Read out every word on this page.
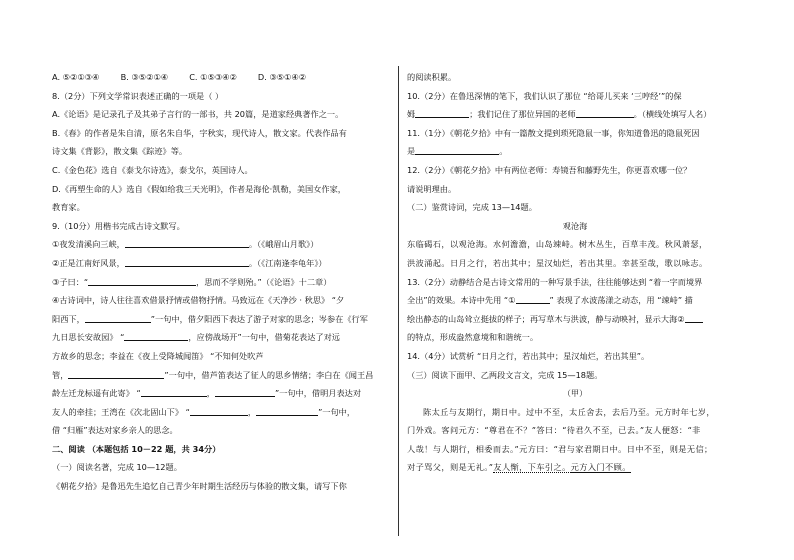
A. ⑤②①③④	B. ③⑤②①④	C. ①⑤③④②	D. ③⑤①④②
8.（2分）下列文学常识表述正确的一项是（ ）
A.《论语》是记录孔子及其弟子言行的一部书，共 20篇，是道家经典著作之一。
B.《春》的作者是朱自清，原名朱自华，字秋实，现代诗人，散文家。代表作品有
诗文集《背影》，散文集《踪迹》等。
C.《金色花》选自《泰戈尔诗选》，泰戈尔，英国诗人。
D.《再塑生命的人》选自《假如给我三天光明》，作者是海伦·凯勒，美国女作家，
教育家。
9.（10分）用楷书完成古诗文默写。
①夜发清溪向三峡，	。（《峨眉山月歌》）
②正是江南好风景，	。（《江南逢李龟年》）
③子曰：“	，思而不学则殆。”（《论语》十二章）
④古诗词中，诗人往往喜欢借景抒情或借物抒情。马致远在《天净沙 · 秋思》 “夕
阳西下，	”一句中，借夕阳西下表达了游子对家的思念；岑参在《行军
九日思长安故园》 “	，应傍战场开”一句中，借菊花表达了对远
方故乡的思念；李益在《夜上受降城闻笛》 “不知何处吹芦
管，	”一句中，借芦笛表达了征人的思乡情绪；李白在《闻王昌
龄左迁龙标遥有此寄》 “	，	”一句中，借明月表达对
友人的牵挂；王湾在《次北固山下》 “	，	”一句中，
借 “归雁”表达对家乡亲人的思念。
二、阅读 （本题包括 10－22 题，共 34分）
（一）阅读名著，完成 10—12题。
《朝花夕拾》是鲁迅先生追忆自己青少年时期生活经历与体验的散文集，请写下你
的阅读积累。
10.（2分）在鲁迅深情的笔下，我们认识了那位 “给哥儿买来 ‘三哼经’”的保
姆	；我们记住了那位异国的老师	。（横线处填写人名）
11.（1分）《朝花夕拾》中有一篇散文提到琐死隐鼠一事，你知道鲁迅的隐鼠死因
是	。
12.（2分）《朝花夕拾》中有两位老师：寿镜吾和藤野先生，你更喜欢哪一位？
请说明理由。
（二）鉴赏诗词，完成 13—14题。
观沧海
东临碣石，以观沧海。水何澹澹，山岛竦峙。树木丛生，百草丰茂。秋风萧瑟，
洪波涌起。日月之行，若出其中；星汉灿烂，若出其里。幸甚至哉，歌以咏志。
13.（2分）动静结合是古诗文常用的一种写景手法，往往能够达到 “着一字而境界
全出”的效果。本诗中先用 “①	” 表现了水波荡漾之动态，用 “竦峙” 描
绘出静态的山岛耸立挺拔的样子；再写草木与洪波，静与动映衬，显示大海②
的特点，形成盎然意境和和谐统一。
14.（4分）试赏析 “日月之行，若出其中；星汉灿烂，若出其里”。
（三）阅读下面甲、乙两段文言文，完成 15—18题。
（甲）
陈太丘与友期行，期日中。过中不至，太丘舍去，去后乃至。元方时年七岁，
门外戏。客问元方：“尊君在不？”答曰：“待君久不至，已去。”友人便怒：“非
人哉！与人期行，相委而去。”元方曰：“君与家君期日中。日中不至，则是无信；
对子骂父，则是无礼。”友人惭，下车引之。元方入门不顾。
